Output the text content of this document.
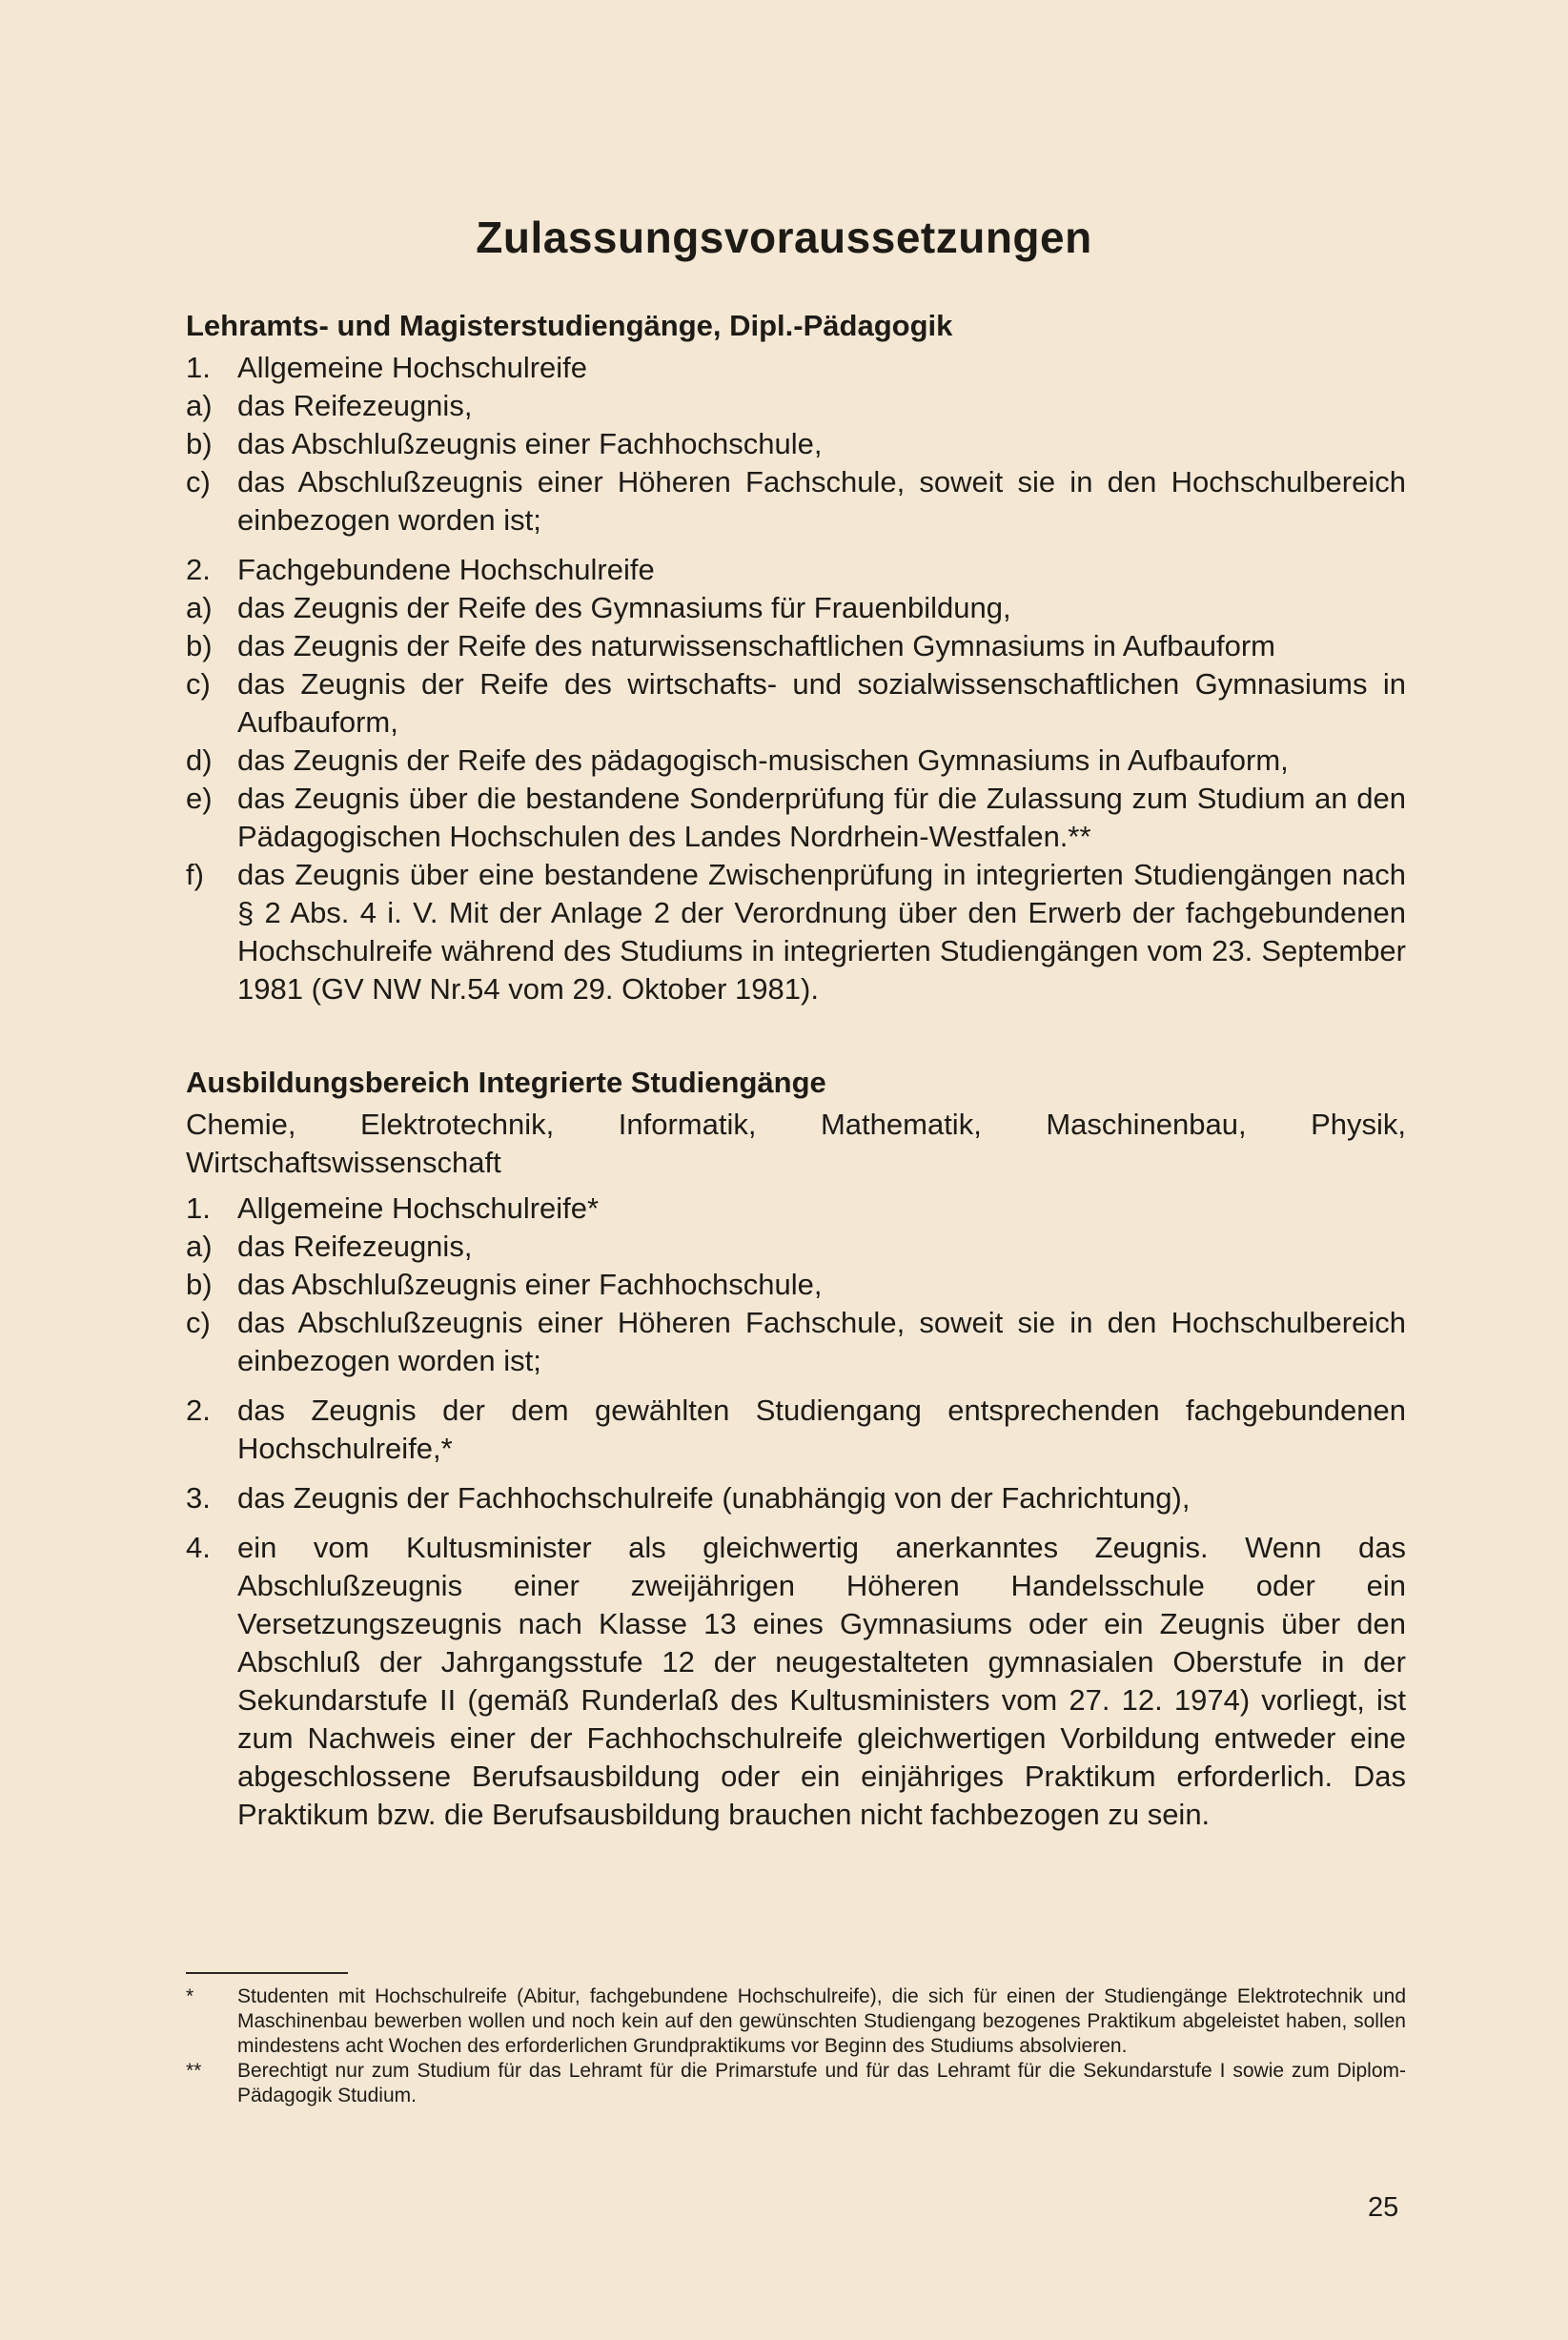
Zulassungsvoraussetzungen
Lehramts- und Magisterstudiengänge, Dipl.-Pädagogik
1. Allgemeine Hochschulreife
a) das Reifezeugnis,
b) das Abschlußzeugnis einer Fachhochschule,
c) das Abschlußzeugnis einer Höheren Fachschule, soweit sie in den Hochschulbereich einbezogen worden ist;
2. Fachgebundene Hochschulreife
a) das Zeugnis der Reife des Gymnasiums für Frauenbildung,
b) das Zeugnis der Reife des naturwissenschaftlichen Gymnasiums in Aufbauform
c) das Zeugnis der Reife des wirtschafts- und sozialwissenschaftlichen Gymnasiums in Aufbauform,
d) das Zeugnis der Reife des pädagogisch-musischen Gymnasiums in Aufbauform,
e) das Zeugnis über die bestandene Sonderprüfung für die Zulassung zum Studium an den Pädagogischen Hochschulen des Landes Nordrhein-Westfalen.**
f) das Zeugnis über eine bestandene Zwischenprüfung in integrierten Studiengängen nach § 2 Abs. 4 i. V. Mit der Anlage 2 der Verordnung über den Erwerb der fachgebundenen Hochschulreife während des Studiums in integrierten Studiengängen vom 23. September 1981 (GV NW Nr.54 vom 29. Oktober 1981).
Ausbildungsbereich Integrierte Studiengänge
Chemie, Elektrotechnik, Informatik, Mathematik, Maschinenbau, Physik, Wirtschaftswissenschaft
1. Allgemeine Hochschulreife*
a) das Reifezeugnis,
b) das Abschlußzeugnis einer Fachhochschule,
c) das Abschlußzeugnis einer Höheren Fachschule, soweit sie in den Hochschulbereich einbezogen worden ist;
2. das Zeugnis der dem gewählten Studiengang entsprechenden fachgebundenen Hochschulreife,*
3. das Zeugnis der Fachhochschulreife (unabhängig von der Fachrichtung),
4. ein vom Kultusminister als gleichwertig anerkanntes Zeugnis. Wenn das Abschlußzeugnis einer zweijährigen Höheren Handelsschule oder ein Versetzungszeugnis nach Klasse 13 eines Gymnasiums oder ein Zeugnis über den Abschluß der Jahrgangsstufe 12 der neugestalteten gymnasialen Oberstufe in der Sekundarstufe II (gemäß Runderlaß des Kultusministers vom 27. 12. 1974) vorliegt, ist zum Nachweis einer der Fachhochschulreife gleichwertigen Vorbildung entweder eine abgeschlossene Berufsausbildung oder ein einjähriges Praktikum erforderlich. Das Praktikum bzw. die Berufsausbildung brauchen nicht fachbezogen zu sein.
* Studenten mit Hochschulreife (Abitur, fachgebundene Hochschulreife), die sich für einen der Studiengänge Elektrotechnik und Maschinenbau bewerben wollen und noch kein auf den gewünschten Studiengang bezogenes Praktikum abgeleistet haben, sollen mindestens acht Wochen des erforderlichen Grundpraktikums vor Beginn des Studiums absolvieren.
** Berechtigt nur zum Studium für das Lehramt für die Primarstufe und für das Lehramt für die Sekundarstufe I sowie zum Diplom-Pädagogik Studium.
25
